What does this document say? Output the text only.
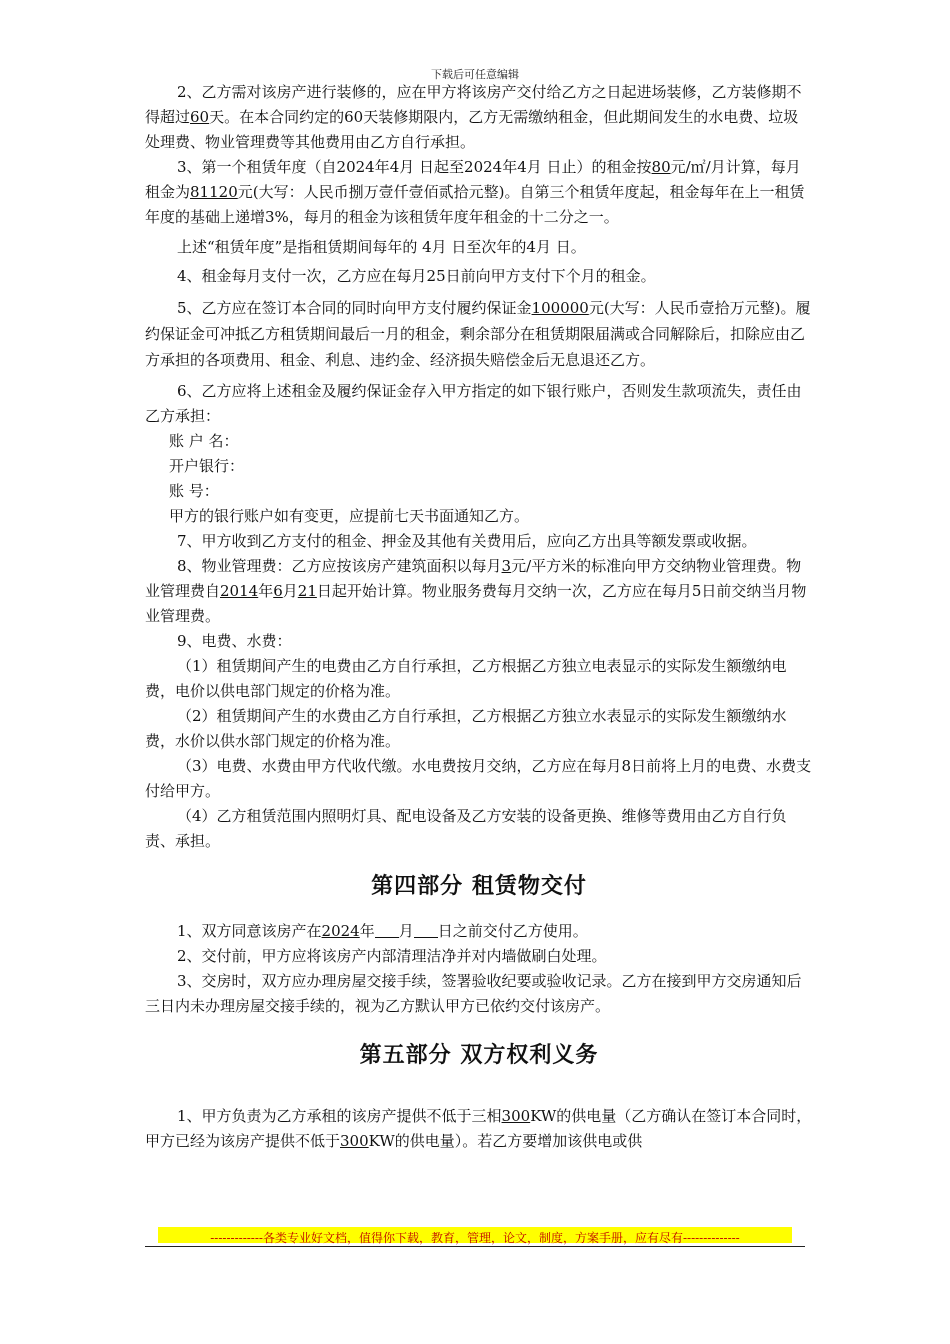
下载后可任意编辑

2、乙方需对该房产进行装修的，应在甲方将该房产交付给乙方之日起进场装修，乙方装修期不得超过60天。在本合同约定的60天装修期限内，乙方无需缴纳租金，但此期间发生的水电费、垃圾处理费、物业管理费等其他费用由乙方自行承担。

3、第一个租赁年度（自2024年4月 日起至2024年4月 日止）的租金按80元/㎡/月计算，每月租金为81120元(大写：人民币捌万壹仟壹佰贰拾元整)。自第三个租赁年度起，租金每年在上一租赁年度的基础上递增3%，每月的租金为该租赁年度年租金的十二分之一。

上述“租赁年度”是指租赁期间每年的 4月 日至次年的4月 日。

4、租金每月支付一次，乙方应在每月25日前向甲方支付下个月的租金。

5、乙方应在签订本合同的同时向甲方支付履约保证金100000元(大写：人民币壹拾万元整)。履约保证金可冲抵乙方租赁期间最后一月的租金，剩余部分在租赁期限届满或合同解除后，扣除应由乙方承担的各项费用、租金、利息、违约金、经济损失赔偿金后无息退还乙方。

6、乙方应将上述租金及履约保证金存入甲方指定的如下银行账户，否则发生款项流失，责任由乙方承担：

账 户 名：

开户银行：

账 号：

甲方的银行账户如有变更，应提前七天书面通知乙方。

7、甲方收到乙方支付的租金、押金及其他有关费用后，应向乙方出具等额发票或收据。

8、物业管理费：乙方应按该房产建筑面积以每月3元/平方米的标准向甲方交纳物业管理费。物业管理费自2014年6月21日起开始计算。物业服务费每月交纳一次，乙方应在每月5日前交纳当月物业管理费。

9、电费、水费：

（1）租赁期间产生的电费由乙方自行承担，乙方根据乙方独立电表显示的实际发生额缴纳电费，电价以供电部门规定的价格为准。

（2）租赁期间产生的水费由乙方自行承担，乙方根据乙方独立水表显示的实际发生额缴纳水费，水价以供水部门规定的价格为准。

（3）电费、水费由甲方代收代缴。水电费按月交纳，乙方应在每月8日前将上月的电费、水费支付给甲方。

（4）乙方租赁范围内照明灯具、配电设备及乙方安装的设备更换、维修等费用由乙方自行负责、承担。

第四部分 租赁物交付

1、双方同意该房产在2024年 月 日之前交付乙方使用。

2、交付前，甲方应将该房产内部清理洁净并对内墙做刷白处理。

3、交房时，双方应办理房屋交接手续，签署验收纪要或验收记录。乙方在接到甲方交房通知后三日内未办理房屋交接手续的，视为乙方默认甲方已依约交付该房产。

第五部分 双方权利义务

1、甲方负责为乙方承租的该房产提供不低于三相300KW的供电量（乙方确认在签订本合同时，甲方已经为该房产提供不低于300KW的供电量）。若乙方要增加该供电或供

-------------各类专业好文档，值得你下载，教育，管理，论文，制度，方案手册，应有尽有--------------
